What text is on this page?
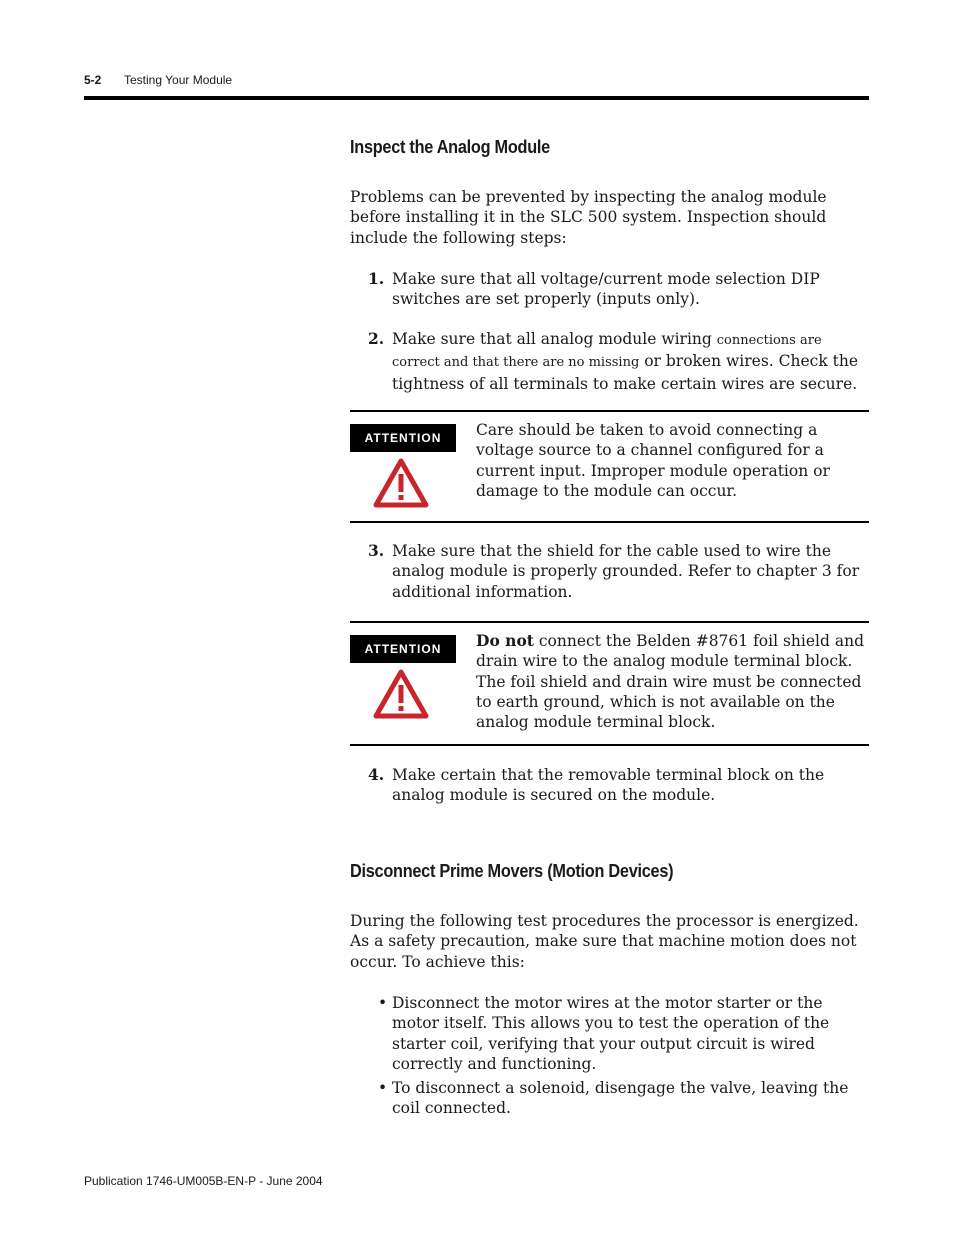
5-2 Testing Your Module
Inspect the Analog Module
Problems can be prevented by inspecting the analog module before installing it in the SLC 500 system. Inspection should include the following steps:
1. Make sure that all voltage/current mode selection DIP switches are set properly (inputs only).
2. Make sure that all analog module wiring connections are correct and that there are no missing or broken wires. Check the tightness of all terminals to make certain wires are secure.
ATTENTION	Care should be taken to avoid connecting a voltage source to a channel configured for a current input. Improper module operation or damage to the module can occur.
3. Make sure that the shield for the cable used to wire the analog module is properly grounded. Refer to chapter 3 for additional information.
ATTENTION	Do not connect the Belden #8761 foil shield and drain wire to the analog module terminal block. The foil shield and drain wire must be connected to earth ground, which is not available on the analog module terminal block.
4. Make certain that the removable terminal block on the analog module is secured on the module.
Disconnect Prime Movers (Motion Devices)
During the following test procedures the processor is energized. As a safety precaution, make sure that machine motion does not occur. To achieve this:
• Disconnect the motor wires at the motor starter or the motor itself. This allows you to test the operation of the starter coil, verifying that your output circuit is wired correctly and functioning.
• To disconnect a solenoid, disengage the valve, leaving the coil connected.
Publication 1746-UM005B-EN-P - June 2004
